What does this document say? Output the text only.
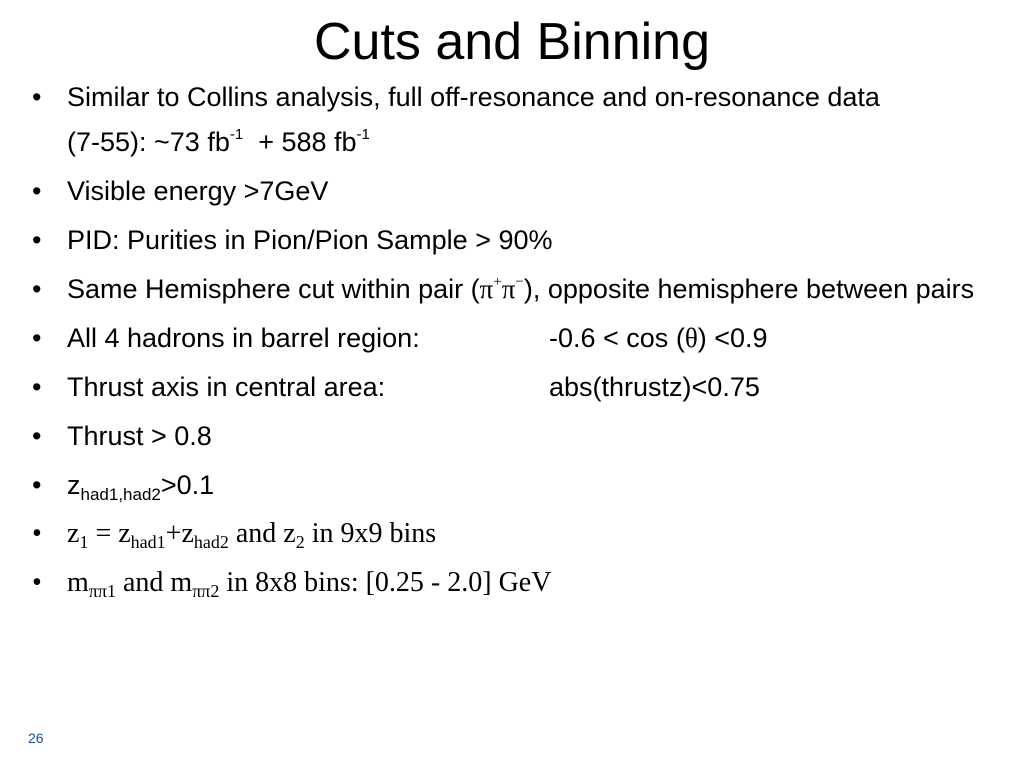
Cuts and Binning
• Similar to Collins analysis, full off-resonance and on-resonance data
(7-55): ~73 $fb^{-1} + 588$ $fb^{-1}$
• Visible energy >7GeV
• PID: Purities in Pion/Pion Sample > 90%
• Same Hemisphere cut within pair (π+π−), opposite hemisphere between pairs
• All 4 hadrons in barrel region:	-0.6 < cos (θ) <0.9
• Thrust axis in central area:	abs(thrustz)<0.75
• Thrust > 0.8
• $z_{had1,had2}>0.1$
• $z_1 = z_{had1}+z_{had2}$ and $z_2$ in 9x9 bins
• $m_{\pi\pi 1}$ and $m_{\pi\pi 2}$ in 8x8 bins: [0.25 - 2.0] GeV
26
